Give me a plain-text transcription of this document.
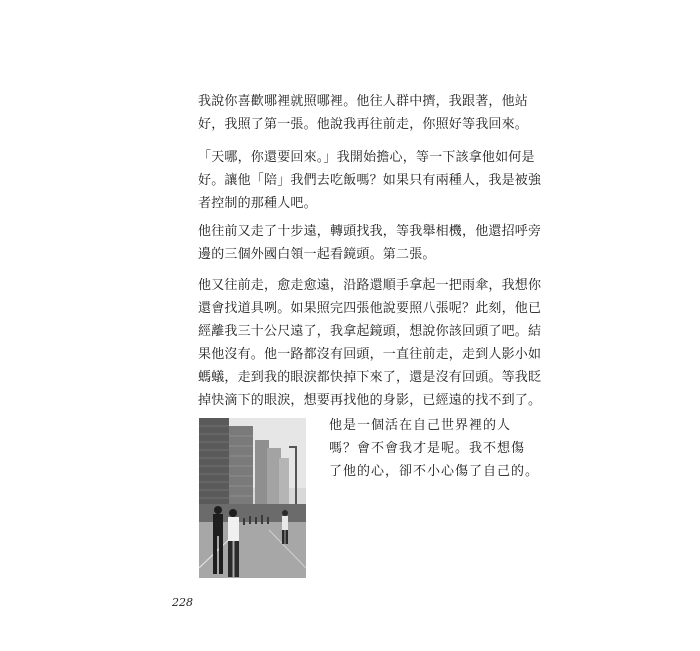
我說你喜歡哪裡就照哪裡。他往人群中擠，我跟著，他站
好，我照了第一張。他說我再往前走，你照好等我回來。

「天哪，你還要回來。」我開始擔心，等一下該拿他如何是
好。讓他「陪」我們去吃飯嗎？如果只有兩種人，我是被強
者控制的那種人吧。

他往前又走了十步遠，轉頭找我，等我舉相機，他還招呼旁
邊的三個外國白領一起看鏡頭。第二張。

他又往前走，愈走愈遠，沿路還順手拿起一把雨傘，我想你
還會找道具咧。如果照完四張他說要照八張呢？此刻，他已
經離我三十公尺遠了，我拿起鏡頭，想說你該回頭了吧。結
果他沒有。他一路都沒有回頭，一直往前走，走到人影小如
螞蟻，走到我的眼淚都快掉下來了，還是沒有回頭。等我眨
掉快滴下的眼淚，想要再找他的身影，已經遠的找不到了。

他是一個活在自己世界裡的人
嗎？會不會我才是呢。我不想傷
了他的心，卻不小心傷了自己的。

228
